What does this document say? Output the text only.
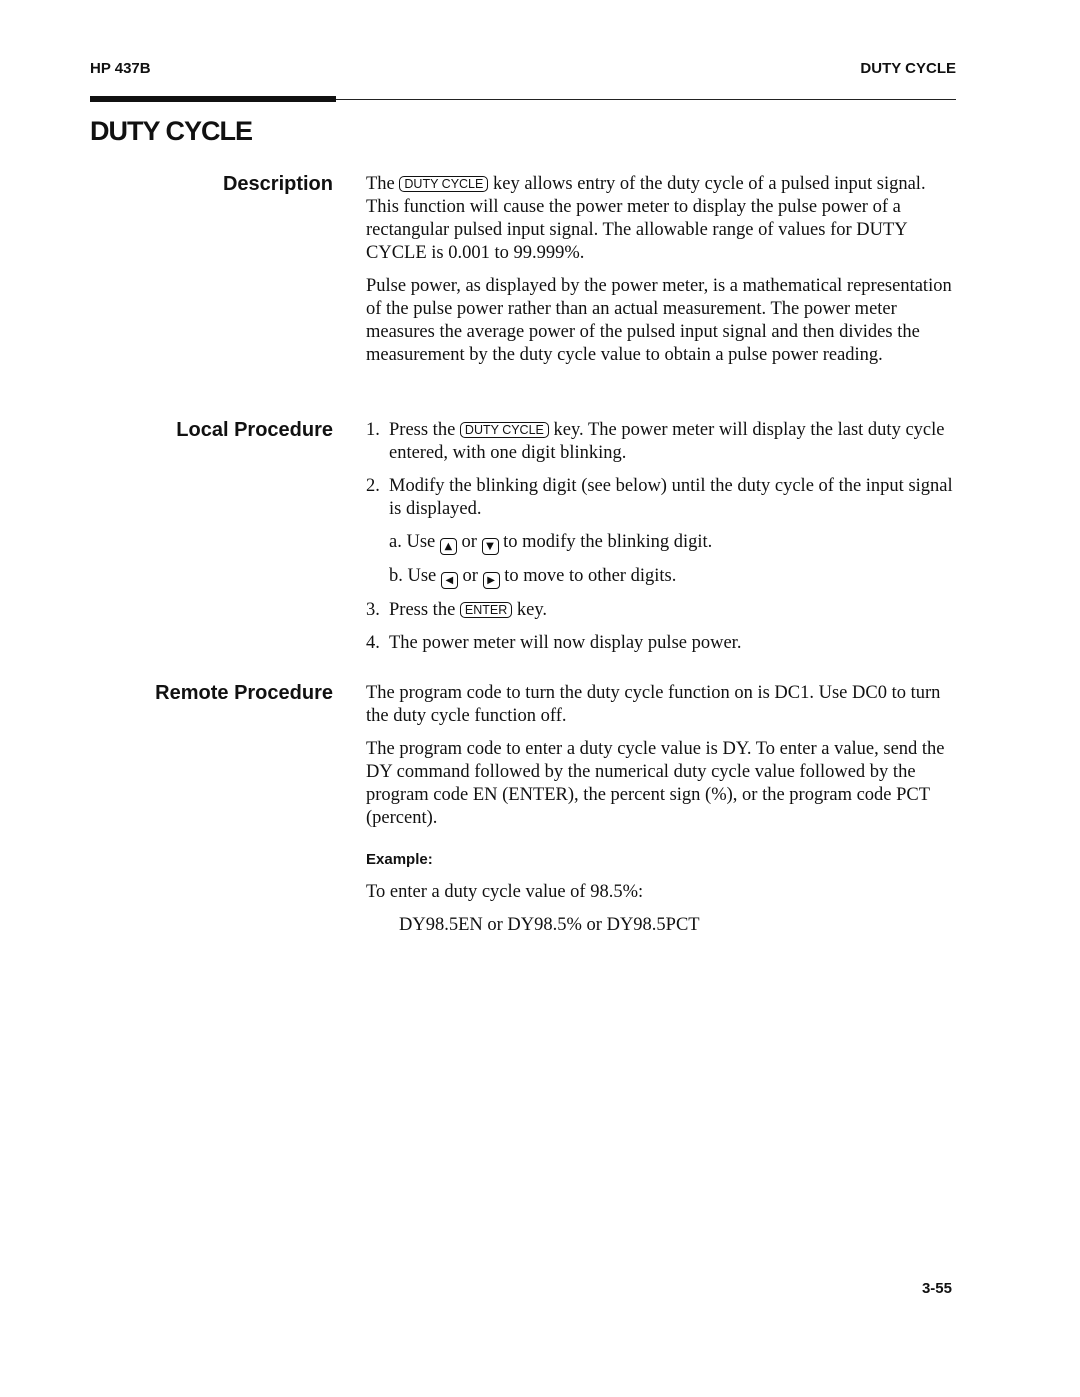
HP 437B	DUTY CYCLE
DUTY CYCLE
Description The DUTY CYCLE key allows entry of the duty cycle of a pulsed input signal. This function will cause the power meter to display the pulse power of a rectangular pulsed input signal. The allowable range of values for DUTY CYCLE is 0.001 to 99.999%.

Pulse power, as displayed by the power meter, is a mathematical representation of the pulse power rather than an actual measurement. The power meter measures the average power of the pulsed input signal and then divides the measurement by the duty cycle value to obtain a pulse power reading.

Local Procedure 1. Press the DUTY CYCLE key. The power meter will display the last duty cycle entered, with one digit blinking.
2. Modify the blinking digit (see below) until the duty cycle of the input signal is displayed.
a. Use ▲ or ▼ to modify the blinking digit.
b. Use ◀ or ▶ to move to other digits.
3. Press the ENTER key.
4. The power meter will now display pulse power.
Remote Procedure The program code to turn the duty cycle function on is DC1. Use DC0 to turn the duty cycle function off.

The program code to enter a duty cycle value is DY. To enter a value, send the DY command followed by the numerical duty cycle value followed by the program code EN (ENTER), the percent sign (%), or the program code PCT (percent).

Example:

To enter a duty cycle value of 98.5%:

DY98.5EN or DY98.5% or DY98.5PCT

3-55
